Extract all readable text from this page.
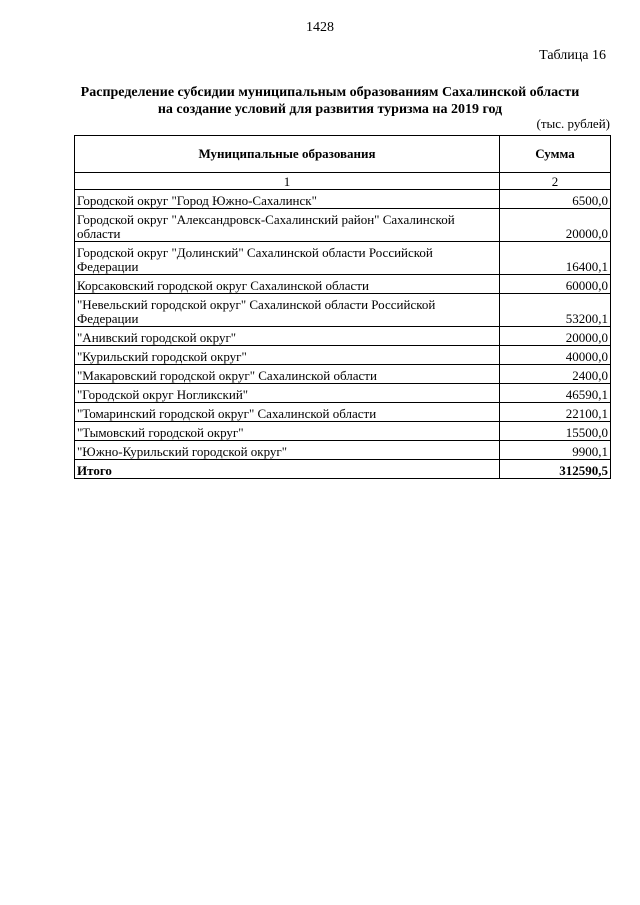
1428
Таблица 16
Распределение субсидии муниципальным образованиям Сахалинской области
на создание условий для развития туризма на 2019 год
(тыс. рублей)
Муниципальные образования	Сумма
1	2
Городской округ "Город Южно-Сахалинск"	6500,0
Городской округ "Александровск-Сахалинский район" Сахалинской области	20000,0
Городской округ "Долинский" Сахалинской области Российской Федерации	16400,1
Корсаковский городской округ Сахалинской области	60000,0
"Невельский городской округ" Сахалинской области Российской Федерации	53200,1
"Анивский городской округ"	20000,0
"Курильский городской округ"	40000,0
"Макаровский городской округ" Сахалинской области	2400,0
"Городской округ Ногликский"	46590,1
"Томаринский городской округ" Сахалинской области	22100,1
"Тымовский городской округ"	15500,0
"Южно-Курильский городской округ"	9900,1
Итого	312590,5
